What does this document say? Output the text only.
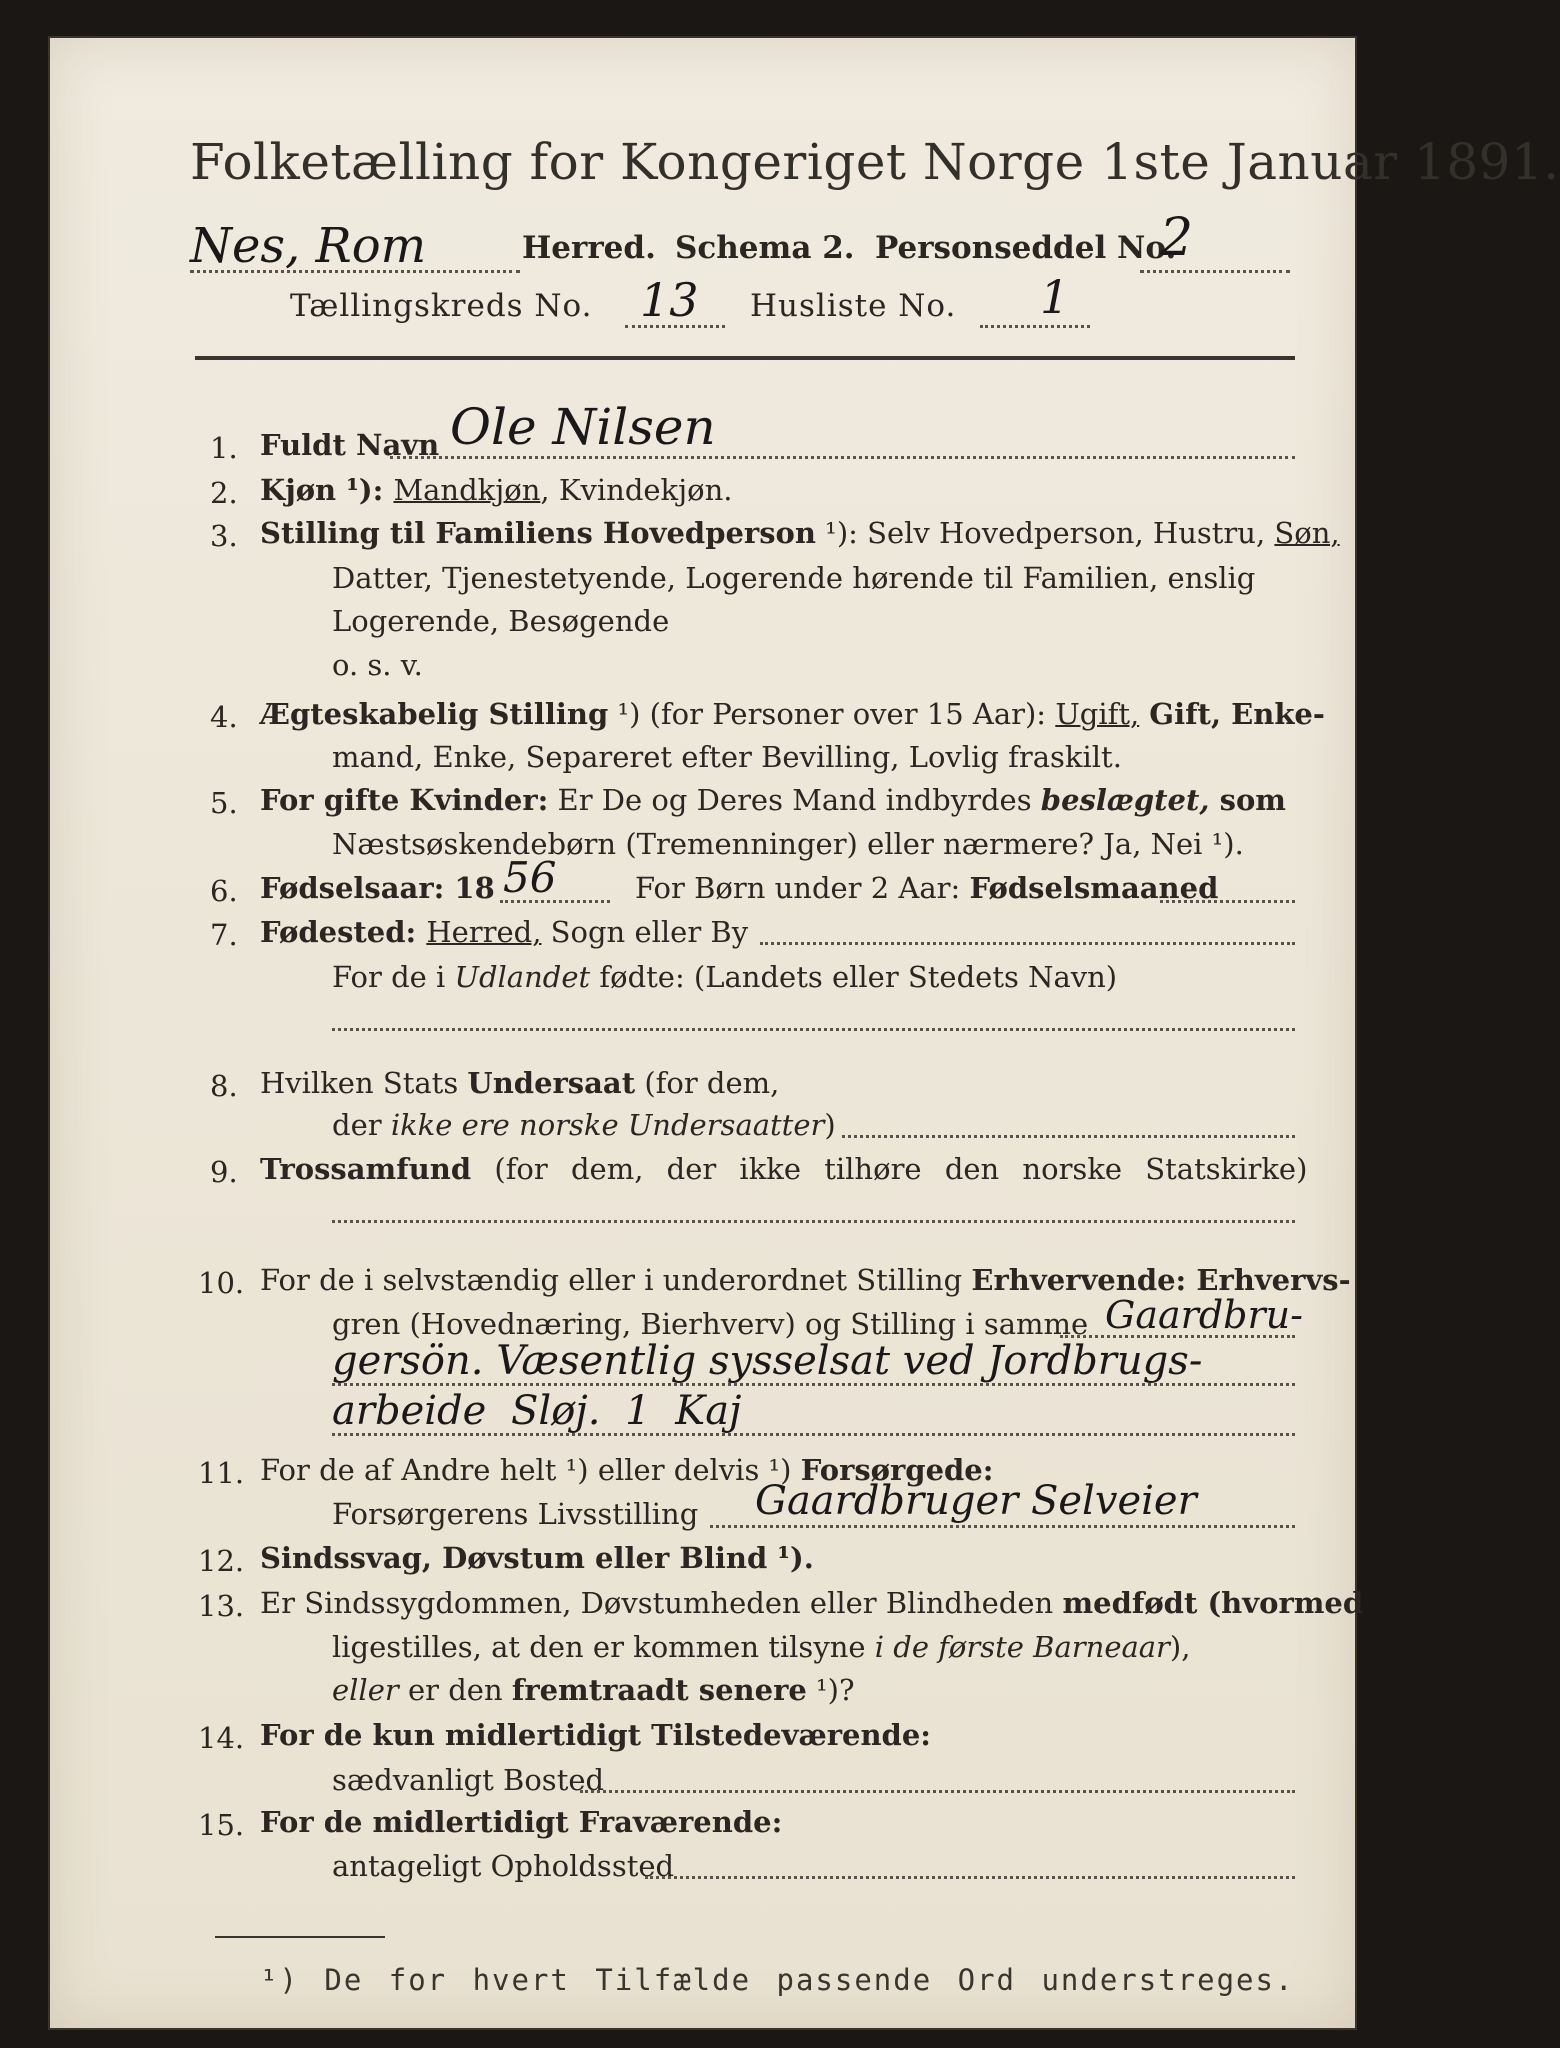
Folketælling for Kongeriget Norge 1ste Januar 1891.
Nes, Rom	Herred. Schema 2. Personseddel No.
2
Tællingskreds No. 13 Husliste No. 1
1. Fuldt Navn Ole Nilsen
2. Kjøn ¹): Mandkjøn, Kvindekjøn.
3. Stilling til Familiens Hovedperson ¹): Selv Hovedperson, Hustru, Søn,
Datter, Tjenestetyende, Logerende hørende til Familien, enslig
Logerende, Besøgende
o. s. v.
4. Ægteskabelig Stilling ¹) (for Personer over 15 Aar): Ugift, Gift, Enke-
mand, Enke, Separeret efter Bevilling, Lovlig fraskilt.
5. For gifte Kvinder: Er De og Deres Mand indbyrdes beslægtet, som
Næstsøskendebørn (Tremenninger) eller nærmere? Ja, Nei ¹).
6. Fødselsaar: 18 56	For Børn under 2 Aar: Fødselsmaaned
7. Fødested: Herred, Sogn eller By
For de i Udlandet fødte: (Landets eller Stedets Navn)
8. Hvilken Stats Undersaat (for dem,
der ikke ere norske Undersaatter)
9. Trossamfund (for dem, der ikke tilhøre den norske Statskirke)
10. For de i selvstændig eller i underordnet Stilling Erhvervende: Erhvervs-
gren (Hovednæring, Bierhverv) og Stilling i samme Gaardbru-
gersön. Væsentlig sysselsat ved Jordbrugs-
arbeide Sløj. 1 Kaj
11. For de af Andre helt ¹) eller delvis ¹) Forsørgede:
Forsørgerens Livsstilling Gaardbruger Selveier
12. Sindssvag, Døvstum eller Blind ¹).
13. Er Sindssygdommen, Døvstumheden eller Blindheden medfødt (hvormed
ligestilles, at den er kommen tilsyne i de første Barneaar),
eller er den fremtraadt senere ¹)?
14. For de kun midlertidigt Tilstedeværende:
sædvanligt Bosted
15. For de midlertidigt Fraværende:
antageligt Opholdssted
¹) De for hvert Tilfælde passende Ord understreges.
